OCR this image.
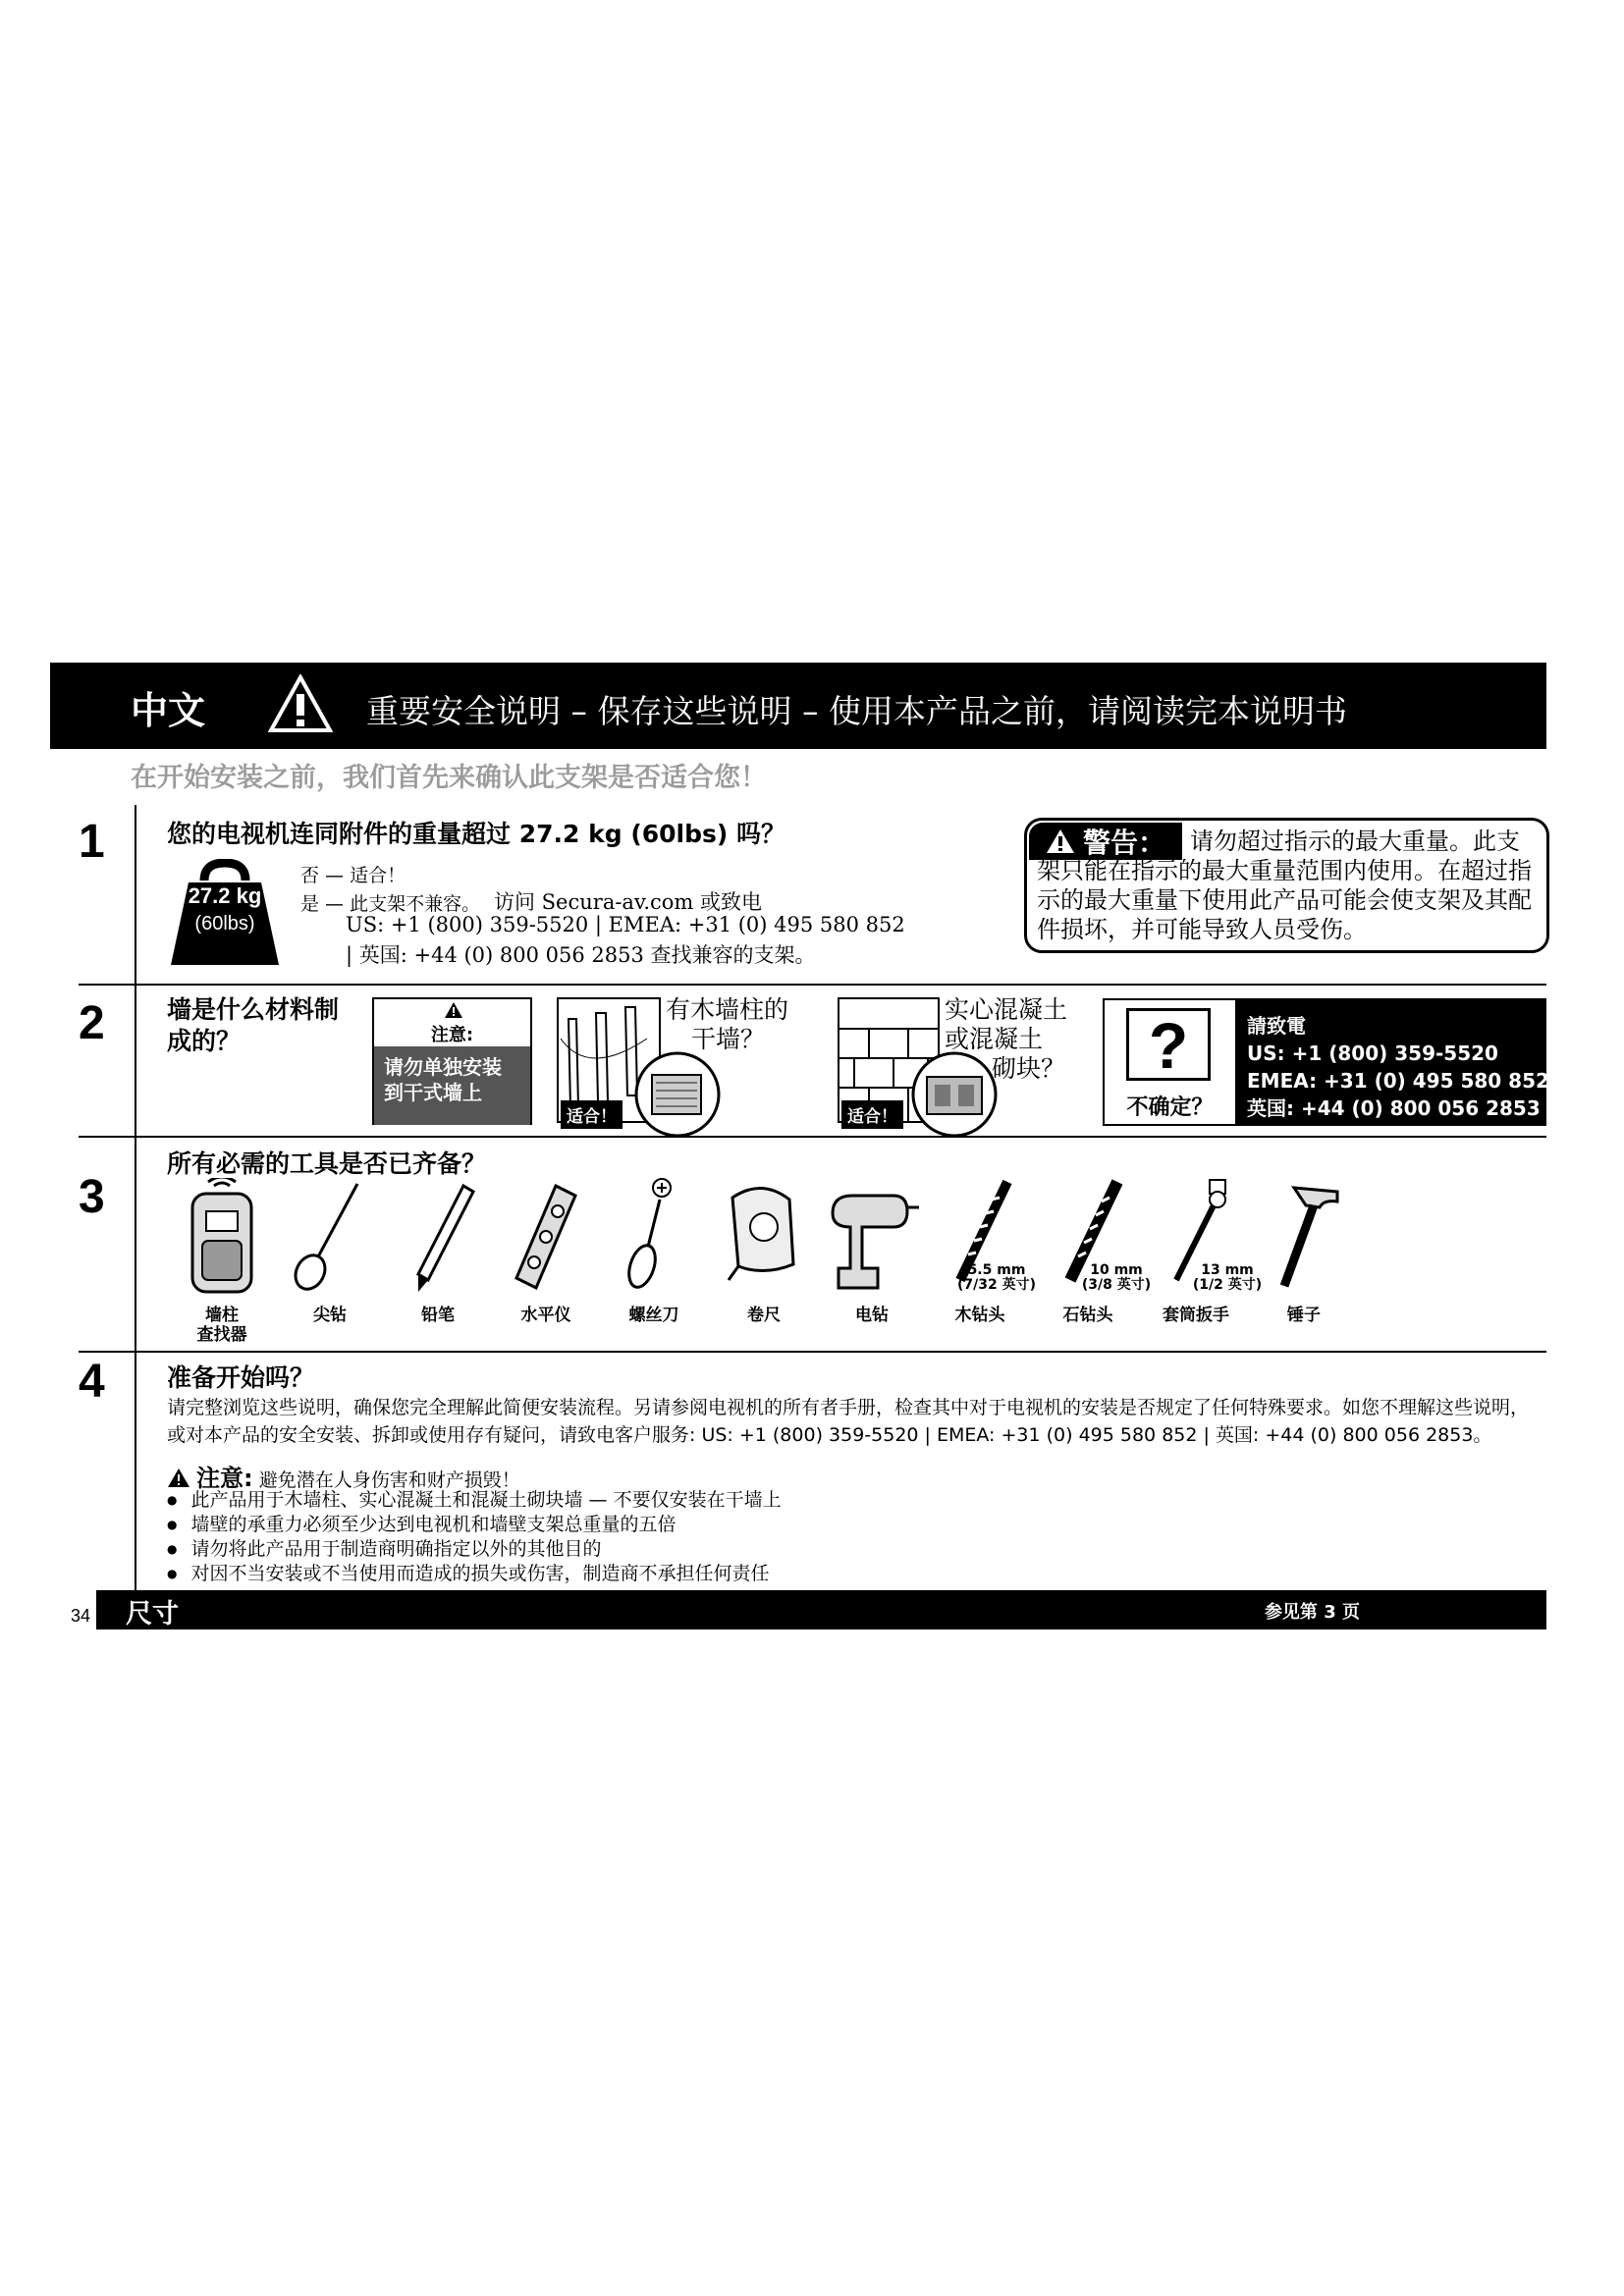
中文	重要安全说明 – 保存这些说明 – 使用本产品之前，请阅读完本说明书
在开始安装之前，我们首先来确认此支架是否适合您！
1	您的电视机连同附件的重量超过 27.2 kg (60lbs) 吗？
27.2 kg
(60lbs)
否 — 适合！
是 — 此支架不兼容。 访问 Secura-av.com 或致电
US: +1 (800) 359-5520 | EMEA: +31 (0) 495 580 852
| 英国: +44 (0) 800 056 2853 查找兼容的支架。
警告：	请勿超过指示的最大重量。此支架只能在指示的最大重量范围内使用。在超过指示的最大重量下使用此产品可能会使支架及其配件损坏，并可能导致人员受伤。
2	墙是什么材料制成的？	注意:
请勿单独安装
到干式墙上
适合！
有木墙柱的
干墙？
适合！
实心混凝土
或混凝土
砌块？	?
不确定？
請致電
US: +1 (800) 359-5520
EMEA: +31 (0) 495 580 852
英国: +44 (0) 800 056 2853
3
所有必需的工具是否已齐备？
5.5 mm
(7/32 英寸)
10 mm
(3/8 英寸)
13 mm
(1/2 英寸)
墙柱
查找器
尖钻	铅笔	水平仪	螺丝刀	卷尺	电钻	木钻头	石钻头	套筒扳手	锤子
4	准备开始吗？
请完整浏览这些说明，确保您完全理解此简便安装流程。另请参阅电视机的所有者手册，检查其中对于电视机的安装是否规定了任何特殊要求。如您不理解这些说明，或对本产品的安全安装、拆卸或使用存有疑问，请致电客户服务: US: +1 (800) 359-5520 | EMEA: +31 (0) 495 580 852 | 英国: +44 (0) 800 056 2853。
注意: 避免潜在人身伤害和财产损毁！
● 此产品用于木墙柱、实心混凝土和混凝土砌块墙 — 不要仅安装在干墙上
● 墙壁的承重力必须至少达到电视机和墙壁支架总重量的五倍
● 请勿将此产品用于制造商明确指定以外的其他目的
● 对因不当安装或不当使用而造成的损失或伤害，制造商不承担任何责任
34 尺寸	参见第 3 页
